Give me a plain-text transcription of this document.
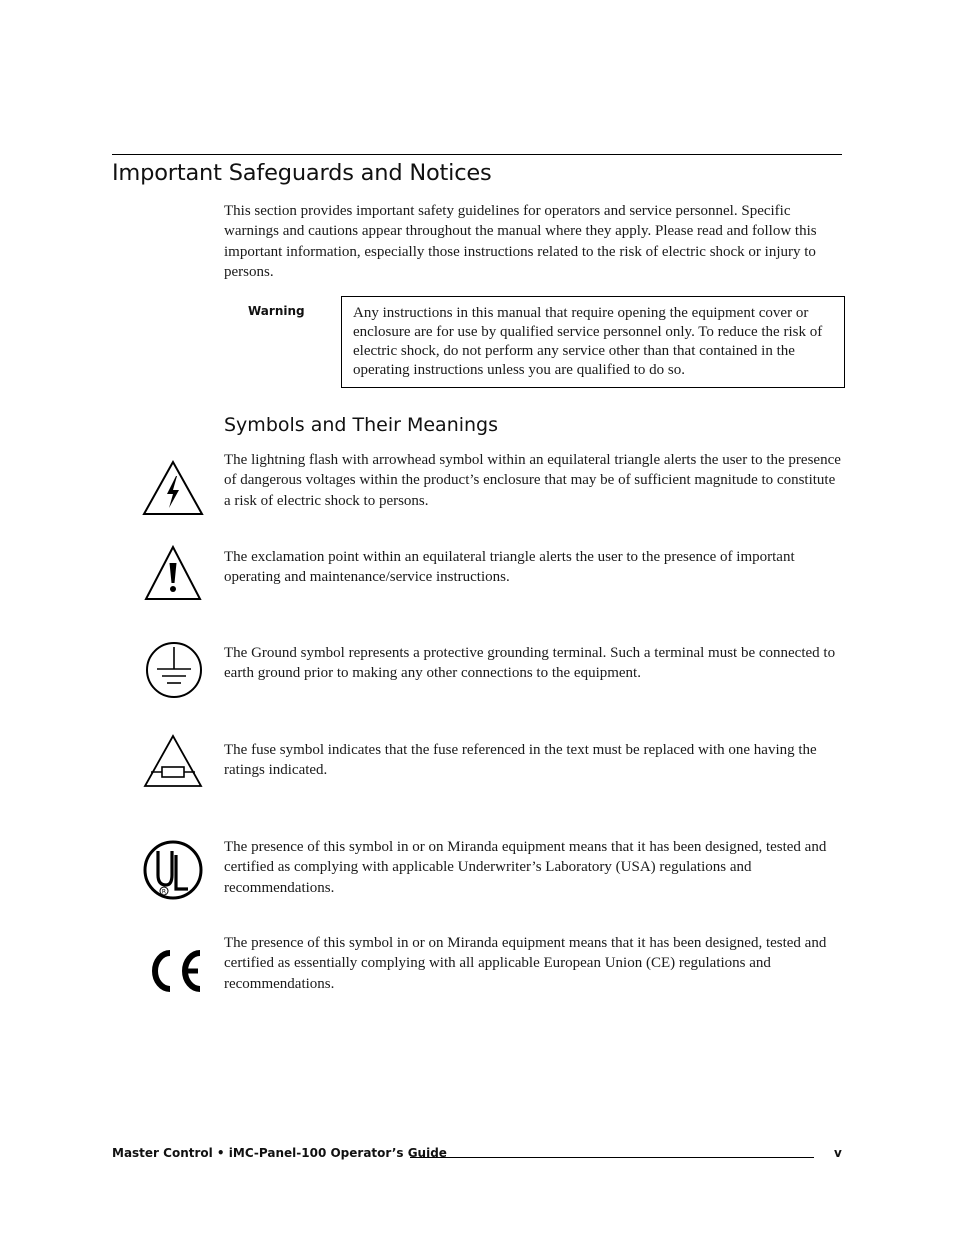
Important Safeguards and Notices

This section provides important safety guidelines for operators and service personnel. Specific warnings and cautions appear throughout the manual where they apply. Please read and follow this important information, especially those instructions related to the risk of electric shock or injury to persons.

Warning	Any instructions in this manual that require opening the equipment cover or enclosure are for use by qualified service personnel only. To reduce the risk of electric shock, do not perform any service other than that contained in the operating instructions unless you are qualified to do so.
Symbols and Their Meanings

The lightning flash with arrowhead symbol within an equilateral triangle alerts the user to the presence of dangerous voltages within the product’s enclosure that may be of sufficient magnitude to constitute a risk of electric shock to persons.

The exclamation point within an equilateral triangle alerts the user to the presence of important operating and maintenance/service instructions.

The Ground symbol represents a protective grounding terminal. Such a terminal must be connected to earth ground prior to making any other connections to the equipment.

The fuse symbol indicates that the fuse referenced in the text must be replaced with one having the ratings indicated.

R

The presence of this symbol in or on Miranda equipment means that it has been designed, tested and certified as complying with applicable Underwriter’s Laboratory (USA) regulations and recommendations.

The presence of this symbol in or on Miranda equipment means that it has been designed, tested and certified as essentially complying with all applicable European Union (CE) regulations and recommendations.

Master Control • iMC-Panel-100 Operator’s Guide	v
